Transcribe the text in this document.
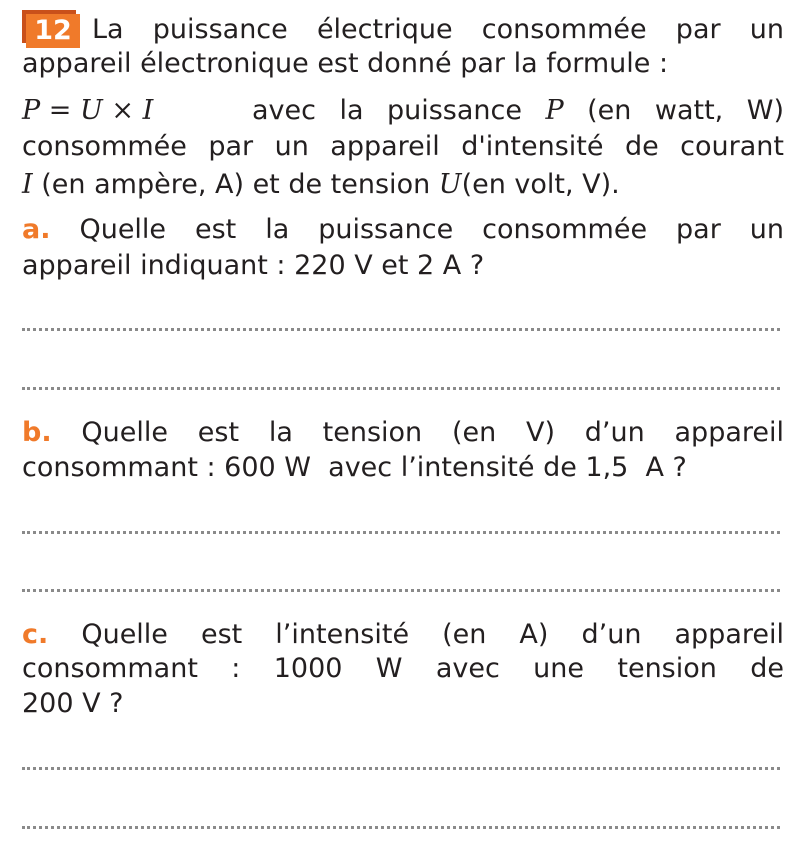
12 La puissance électrique consommée par un
appareil électronique est donné par la formule :
P = U × I	avec la puissance P (en watt, W)
consommée par un appareil d'intensité de courant
I (en ampère, A) et de tension U(en volt, V).
a. Quelle est la puissance consommée par un
appareil indiquant : 220 V et 2 A ?
b. Quelle est la tension (en V) d’un appareil
consommant : 600 W  avec l’intensité de 1,5  A ?
c. Quelle est l’intensité (en A) d’un appareil
consommant : 1000 W avec une tension de
200 V ?
